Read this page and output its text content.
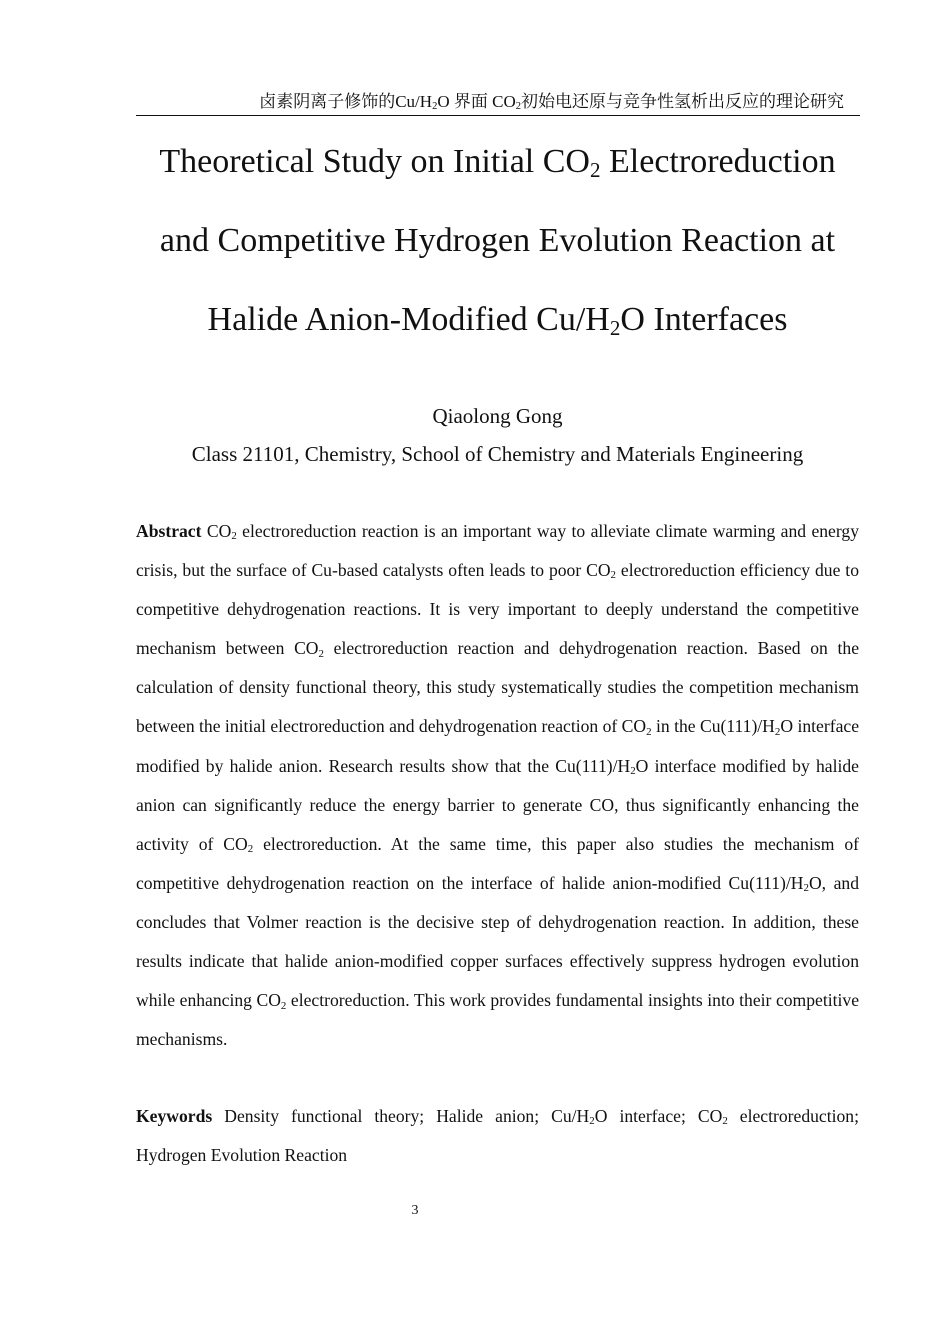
卤素阴离子修饰的$Cu/H_2O$ 界面 $CO_2$初始电还原与竞争性氢析出反应的理论研究
Theoretical Study on Initial $CO_2$ Electroreduction
and Competitive Hydrogen Evolution Reaction at
Halide Anion-Modified $Cu/H_2O$ Interfaces
Qiaolong Gong
Class 21101, Chemistry, School of Chemistry and Materials Engineering

Abstract $CO_2$ electroreduction reaction is an important way to alleviate climate warming and energy crisis, but the surface of Cu-based catalysts often leads to poor $CO_2$ electroreduction efficiency due to competitive dehydrogenation reactions. It is very important to deeply understand the competitive mechanism between $CO_2$ electroreduction reaction and dehydrogenation reaction. Based on the calculation of density functional theory, this study systematically studies the competition mechanism between the initial electroreduction and dehydrogenation reaction of $CO_2$ in the $Cu(111)/H_2O$ interface modified by halide anion. Research results show that the $Cu(111)/H_2O$ interface modified by halide anion can significantly reduce the energy barrier to generate CO, thus significantly enhancing the activity of $CO_2$ electroreduction. At the same time, this paper also studies the mechanism of competitive dehydrogenation reaction on the interface of halide anion-modified $Cu(111)/H_2O$, and concludes that Volmer reaction is the decisive step of dehydrogenation reaction. In addition, these results indicate that halide anion-modified copper surfaces effectively suppress hydrogen evolution while enhancing $CO_2$ electroreduction. This work provides fundamental insights into their competitive mechanisms.

Keywords Density functional theory; Halide anion; $Cu/H_2O$ interface; $CO_2$ electroreduction; Hydrogen Evolution Reaction

3
